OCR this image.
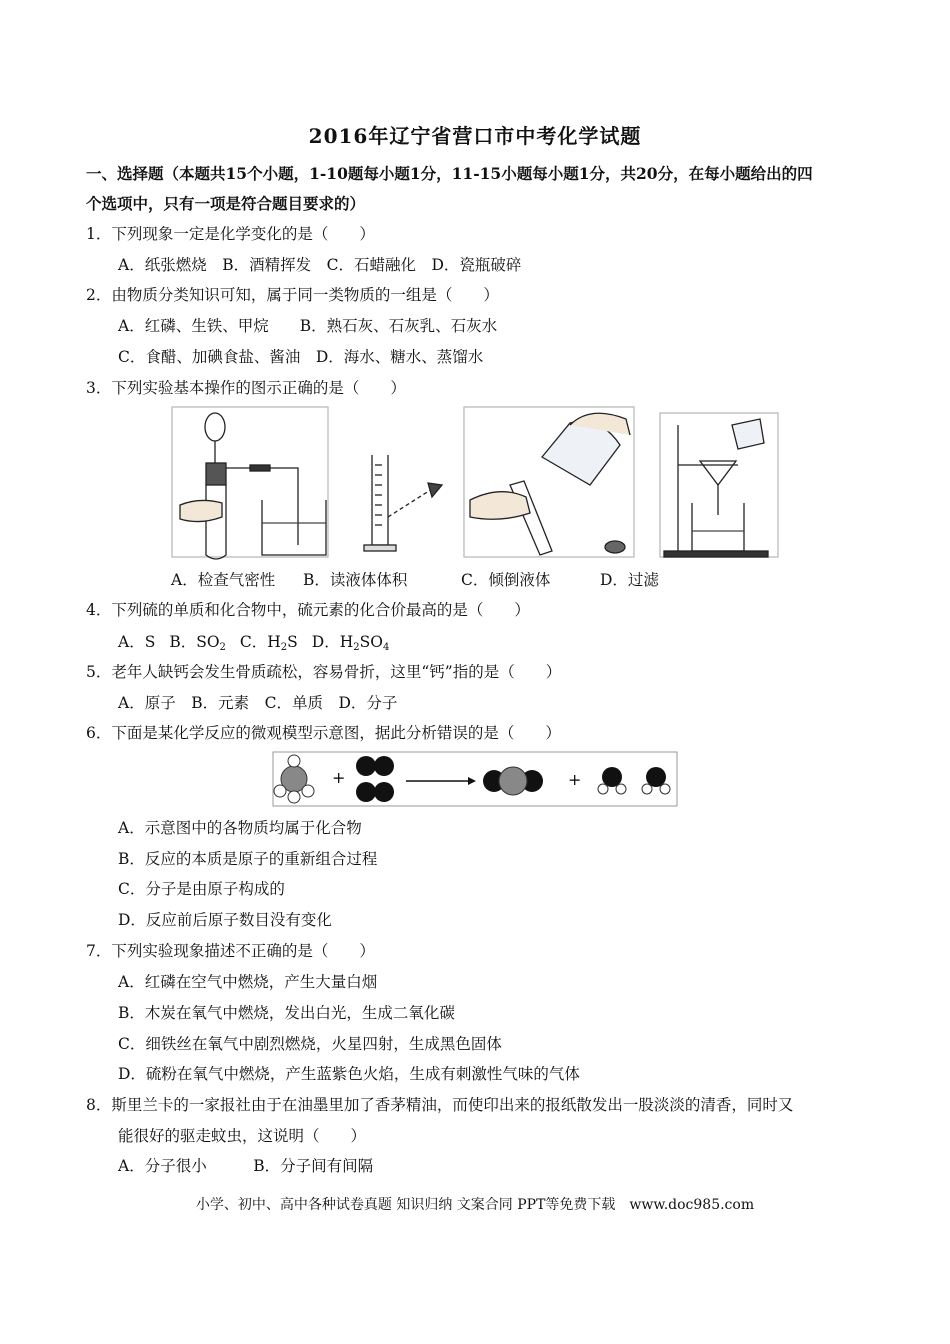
2016年辽宁省营口市中考化学试题
一、选择题（本题共15个小题，1-10题每小题1分，11-15小题每小题1分，共20分，在每小题给出的四
个选项中，只有一项是符合题目要求的）
1．下列现象一定是化学变化的是（　　）
A．纸张燃烧　B．酒精挥发　C．石蜡融化　D．瓷瓶破碎
2．由物质分类知识可知，属于同一类物质的一组是（　　）
A．红磷、生铁、甲烷　　B．熟石灰、石灰乳、石灰水
C．食醋、加碘食盐、酱油　D．海水、糖水、蒸馏水
3．下列实验基本操作的图示正确的是（　　）
A．检查气密性 B．读液体体积	C．倾倒液体	D．过滤
4．下列硫的单质和化合物中，硫元素的化合价最高的是（　　）
A．S B．$SO_2$ C．$H_2S$ D．$H_2SO_4$
5．老年人缺钙会发生骨质疏松，容易骨折，这里“钙”指的是（　　）
A．原子　B．元素　C．单质　D．分子
6．下面是某化学反应的微观模型示意图，据此分析错误的是（　　）
+	+
A．示意图中的各物质均属于化合物
B．反应的本质是原子的重新组合过程
C．分子是由原子构成的
D．反应前后原子数目没有变化
7．下列实验现象描述不正确的是（　　）
A．红磷在空气中燃烧，产生大量白烟
B．木炭在氧气中燃烧，发出白光，生成二氧化碳
C．细铁丝在氧气中剧烈燃烧，火星四射，生成黑色固体
D．硫粉在氧气中燃烧，产生蓝紫色火焰，生成有刺激性气味的气体
8．斯里兰卡的一家报社由于在油墨里加了香茅精油，而使印出来的报纸散发出一股淡淡的清香，同时又
能很好的驱走蚊虫，这说明（　　）
A．分子很小　　　B．分子间有间隔
小学、初中、高中各种试卷真题 知识归纳 文案合同 PPT等免费下载　www.doc985.com
